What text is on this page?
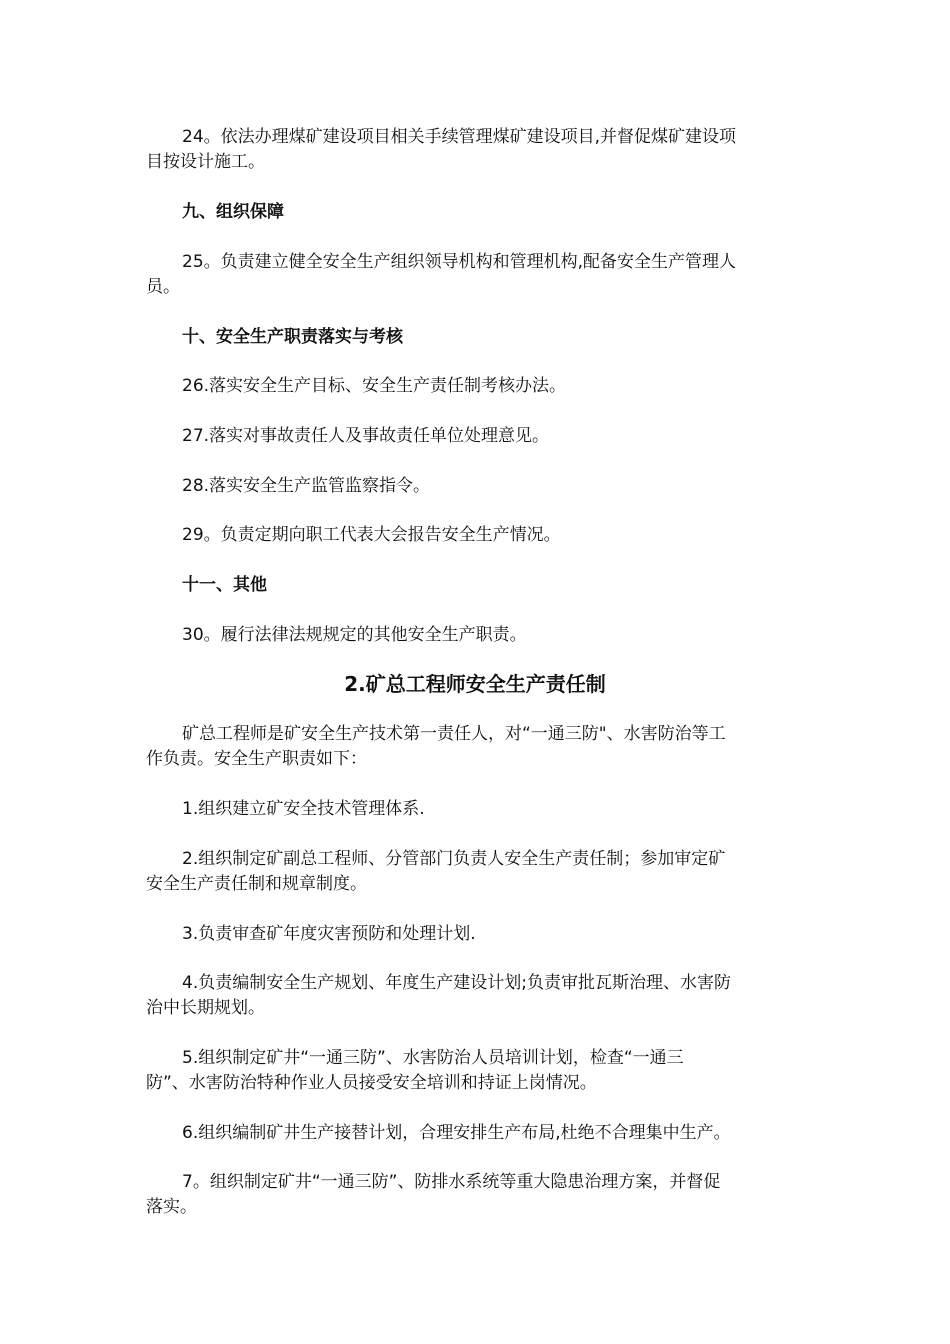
24。依法办理煤矿建设项目相关手续管理煤矿建设项目,并督促煤矿建设项
目按设计施工。
九、组织保障
25。负责建立健全安全生产组织领导机构和管理机构,配备安全生产管理人
员。
十、安全生产职责落实与考核
26.落实安全生产目标、安全生产责任制考核办法。
27.落实对事故责任人及事故责任单位处理意见。
28.落实安全生产监管监察指令。
29。负责定期向职工代表大会报告安全生产情况。
十一、其他
30。履行法律法规规定的其他安全生产职责。
2.矿总工程师安全生产责任制
矿总工程师是矿安全生产技术第一责任人，对“一通三防"、水害防治等工
作负责。安全生产职责如下：
1.组织建立矿安全技术管理体系.
2.组织制定矿副总工程师、分管部门负责人安全生产责任制；参加审定矿
安全生产责任制和规章制度。
3.负责审查矿年度灾害预防和处理计划.
4.负责编制安全生产规划、年度生产建设计划;负责审批瓦斯治理、水害防
治中长期规划。
5.组织制定矿井“一通三防”、水害防治人员培训计划，检查“一通三
防”、水害防治特种作业人员接受安全培训和持证上岗情况。
6.组织编制矿井生产接替计划，合理安排生产布局,杜绝不合理集中生产。
7。组织制定矿井“一通三防”、防排水系统等重大隐患治理方案，并督促
落实。
